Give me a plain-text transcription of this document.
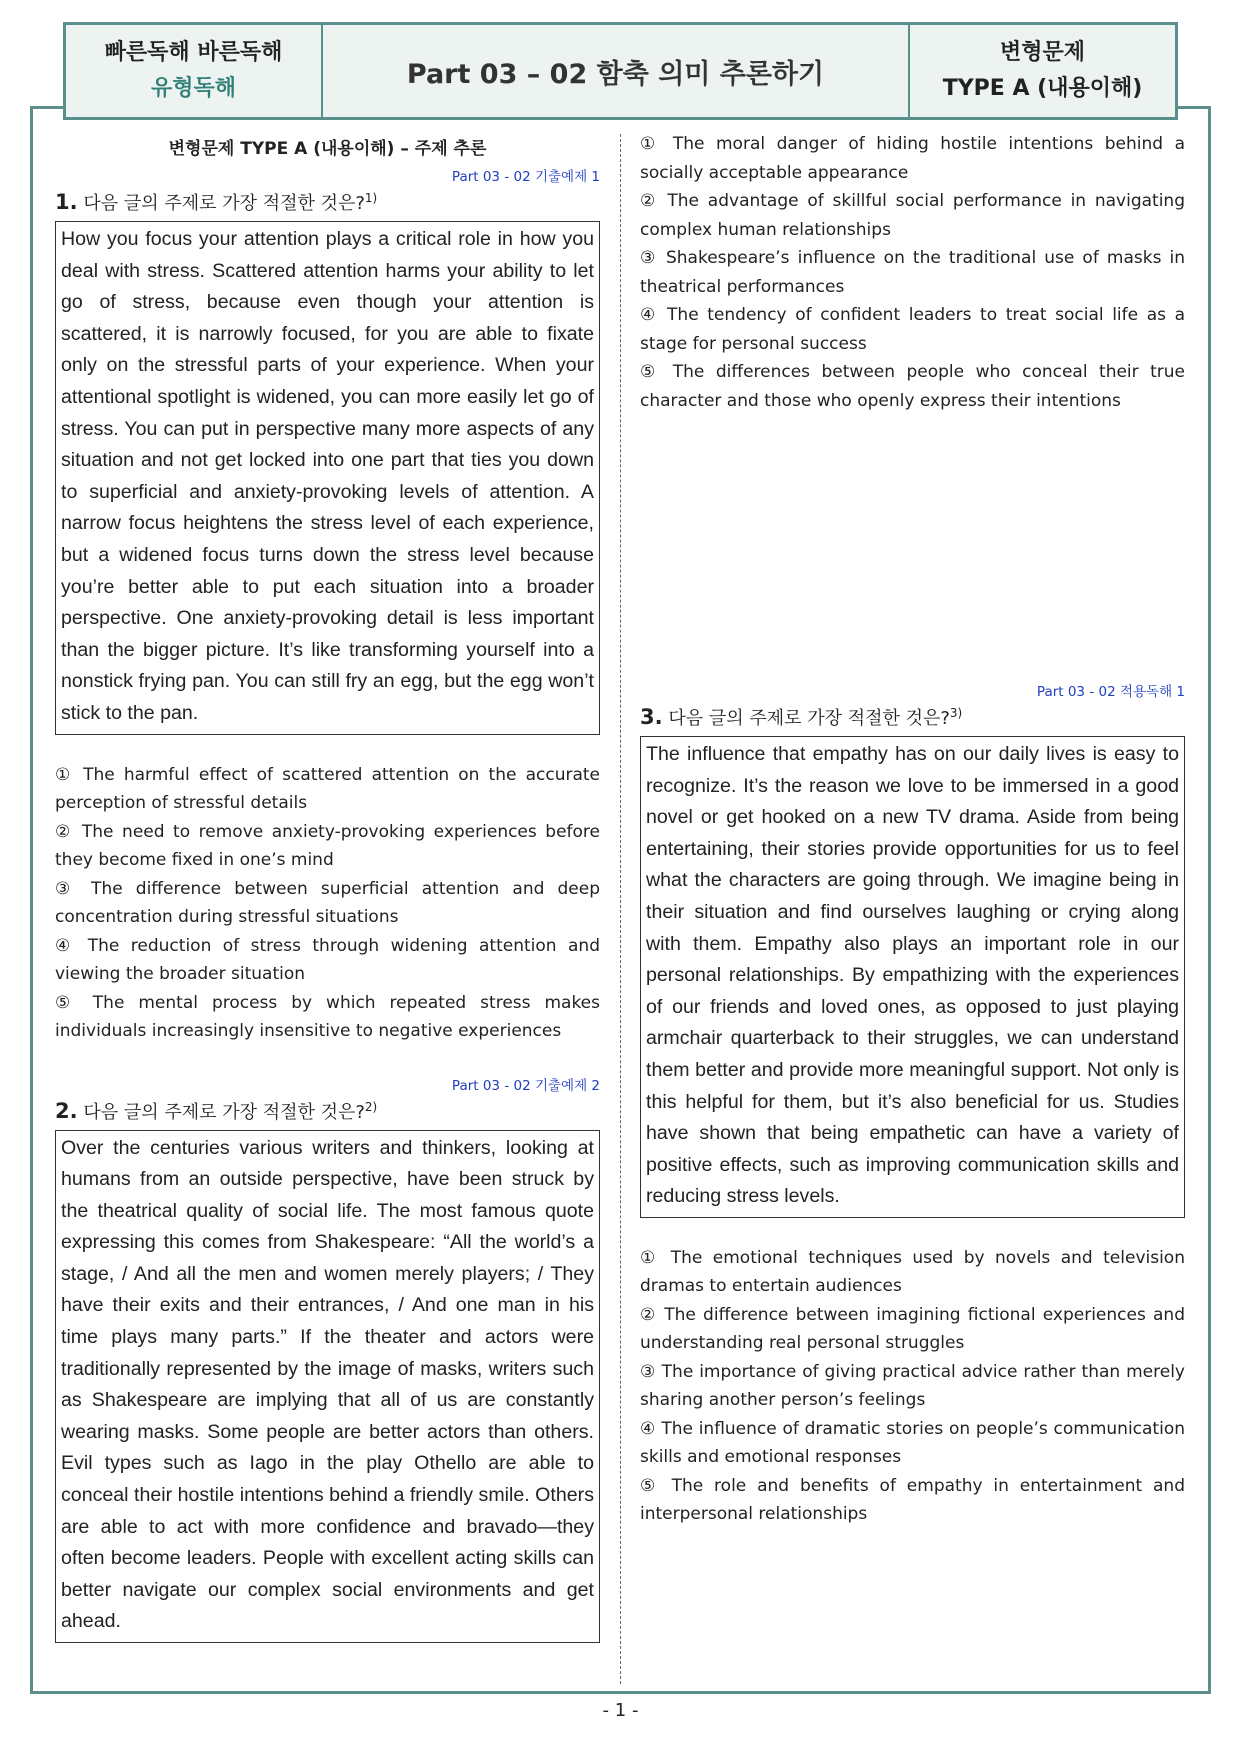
빠른독해 바른독해
유형독해	Part 03 – 02 함축 의미 추론하기
변형문제
TYPE A (내용이해)
변형문제 TYPE A (내용이해) – 주제 추론
Part 03 - 02 기출예제 1
1. 다음 글의 주제로 가장 적절한 것은?$^{1)}$
How you focus your attention plays a critical role in how you deal with stress. Scattered attention harms your ability to let go of stress, because even though your attention is scattered, it is narrowly focused, for you are able to fixate only on the stressful parts of your experience. When your attentional spotlight is widened, you can more easily let go of stress. You can put in perspective many more aspects of any situation and not get locked into one part that ties you down to superficial and anxiety-provoking levels of attention. A narrow focus heightens the stress level of each experience, but a widened focus turns down the stress level because you’re better able to put each situation into a broader perspective. One anxiety-provoking detail is less important than the bigger picture. It’s like transforming yourself into a nonstick frying pan. You can still fry an egg, but the egg won’t stick to the pan.

① The harmful effect of scattered attention on the accurate perception of stressful details

② The need to remove anxiety-provoking experiences before they become fixed in one’s mind

③ The difference between superficial attention and deep concentration during stressful situations

④ The reduction of stress through widening attention and viewing the broader situation

⑤ The mental process by which repeated stress makes individuals increasingly insensitive to negative experiences

Part 03 - 02 기출예제 2
2. 다음 글의 주제로 가장 적절한 것은?$^{2)}$
Over the centuries various writers and thinkers, looking at humans from an outside perspective, have been struck by the theatrical quality of social life. The most famous quote expressing this comes from Shakespeare: “All the world’s a stage, / And all the men and women merely players; / They have their exits and their entrances, / And one man in his time plays many parts.” If the theater and actors were traditionally represented by the image of masks, writers such as Shakespeare are implying that all of us are constantly wearing masks. Some people are better actors than others. Evil types such as Iago in the play Othello are able to conceal their hostile intentions behind a friendly smile. Others are able to act with more confidence and bravado—they often become leaders. People with excellent acting skills can better navigate our complex social environments and get ahead.

① The moral danger of hiding hostile intentions behind a socially acceptable appearance

② The advantage of skillful social performance in navigating complex human relationships

③ Shakespeare’s influence on the traditional use of masks in theatrical performances

④ The tendency of confident leaders to treat social life as a stage for personal success

⑤ The differences between people who conceal their true character and those who openly express their intentions

Part 03 - 02 적용독해 1
3. 다음 글의 주제로 가장 적절한 것은?$^{3)}$
The influence that empathy has on our daily lives is easy to recognize. It’s the reason we love to be immersed in a good novel or get hooked on a new TV drama. Aside from being entertaining, their stories provide opportunities for us to feel what the characters are going through. We imagine being in their situation and find ourselves laughing or crying along with them. Empathy also plays an important role in our personal relationships. By empathizing with the experiences of our friends and loved ones, as opposed to just playing armchair quarterback to their struggles, we can understand them better and provide more meaningful support. Not only is this helpful for them, but it’s also beneficial for us. Studies have shown that being empathetic can have a variety of positive effects, such as improving communication skills and reducing stress levels.

① The emotional techniques used by novels and television dramas to entertain audiences

② The difference between imagining fictional experiences and understanding real personal struggles

③ The importance of giving practical advice rather than merely sharing another person’s feelings

④ The influence of dramatic stories on people’s communication skills and emotional responses

⑤ The role and benefits of empathy in entertainment and interpersonal relationships

- 1 -
